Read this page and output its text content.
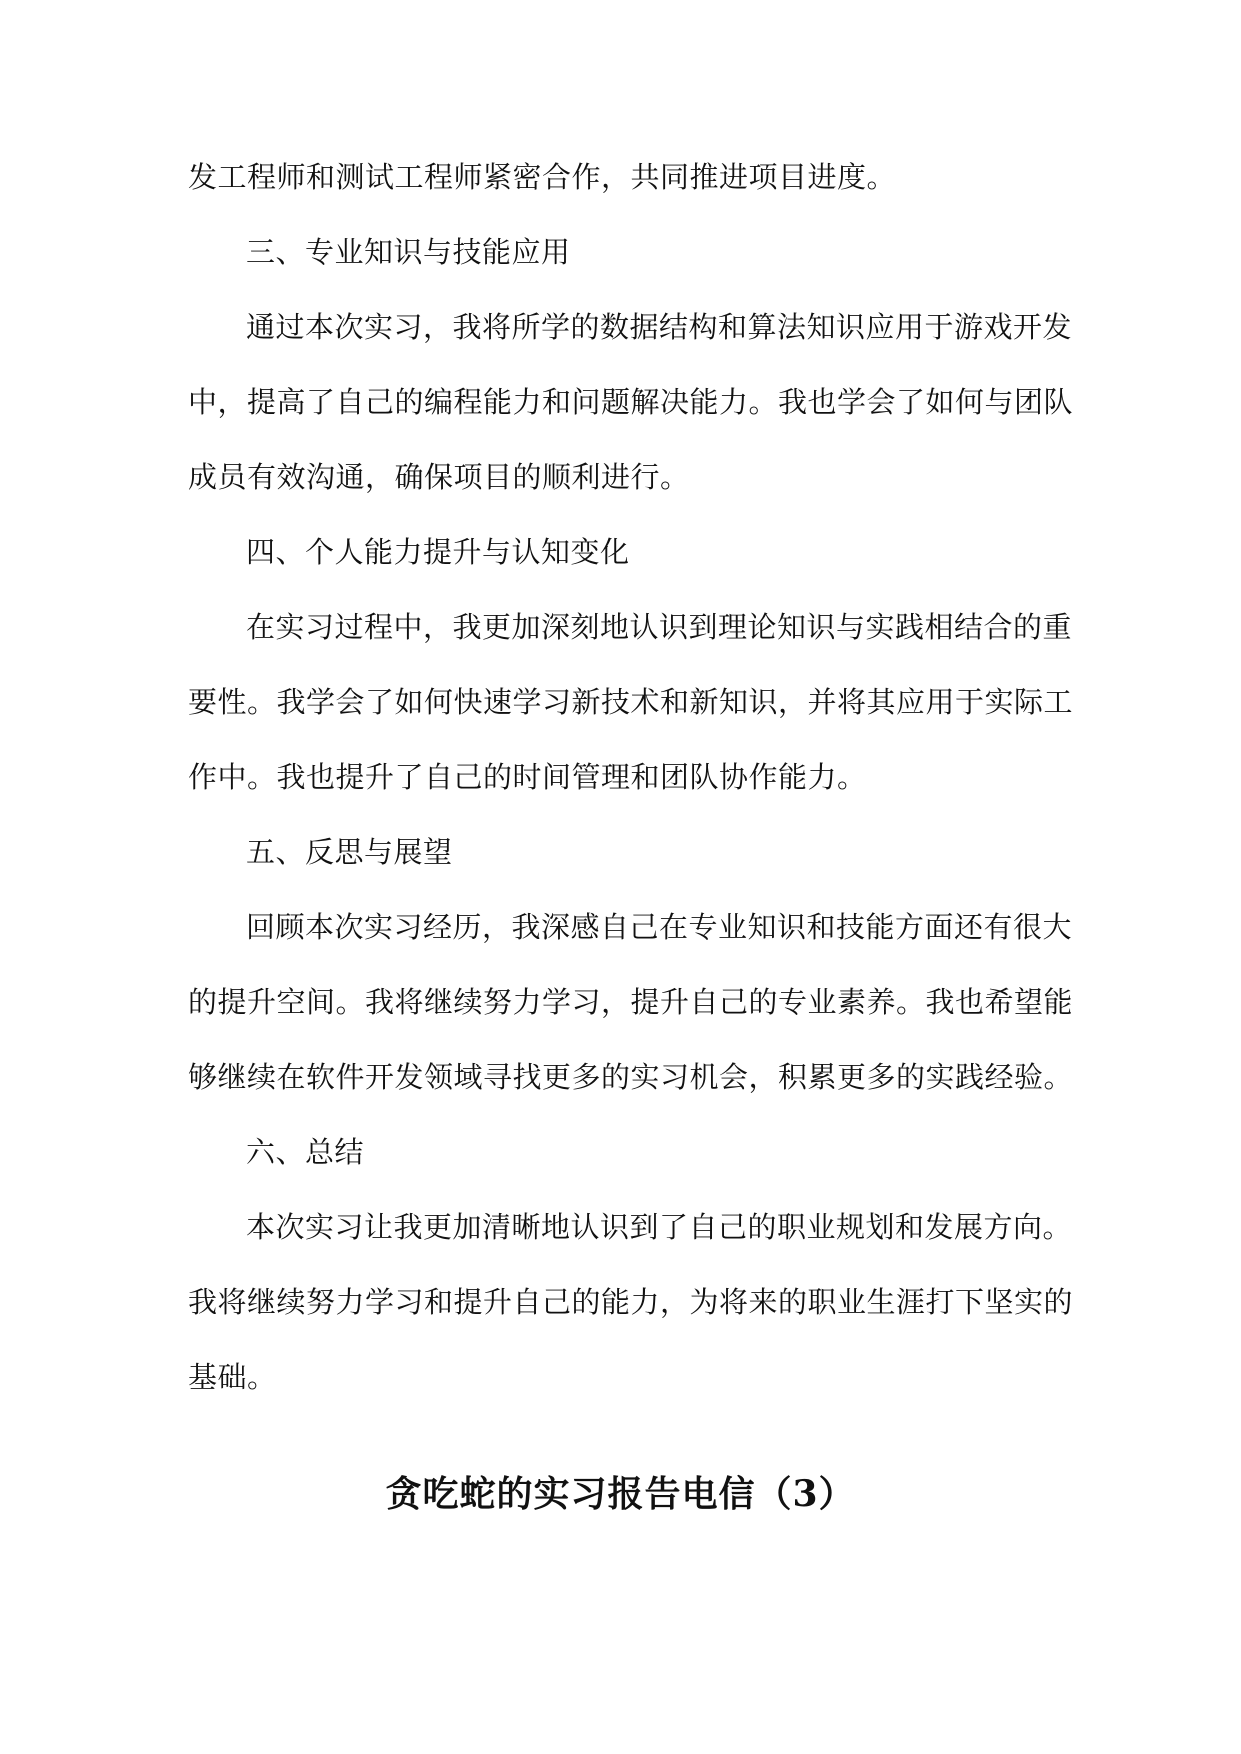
发工程师和测试工程师紧密合作，共同推进项目进度。
三、专业知识与技能应用
通过本次实习，我将所学的数据结构和算法知识应用于游戏开发
中，提高了自己的编程能力和问题解决能力。我也学会了如何与团队
成员有效沟通，确保项目的顺利进行。
四、个人能力提升与认知变化
在实习过程中，我更加深刻地认识到理论知识与实践相结合的重
要性。我学会了如何快速学习新技术和新知识，并将其应用于实际工
作中。我也提升了自己的时间管理和团队协作能力。
五、反思与展望
回顾本次实习经历，我深感自己在专业知识和技能方面还有很大
的提升空间。我将继续努力学习，提升自己的专业素养。我也希望能
够继续在软件开发领域寻找更多的实习机会，积累更多的实践经验。
六、总结
本次实习让我更加清晰地认识到了自己的职业规划和发展方向。
我将继续努力学习和提升自己的能力，为将来的职业生涯打下坚实的
基础。
贪吃蛇的实习报告电信（3）
